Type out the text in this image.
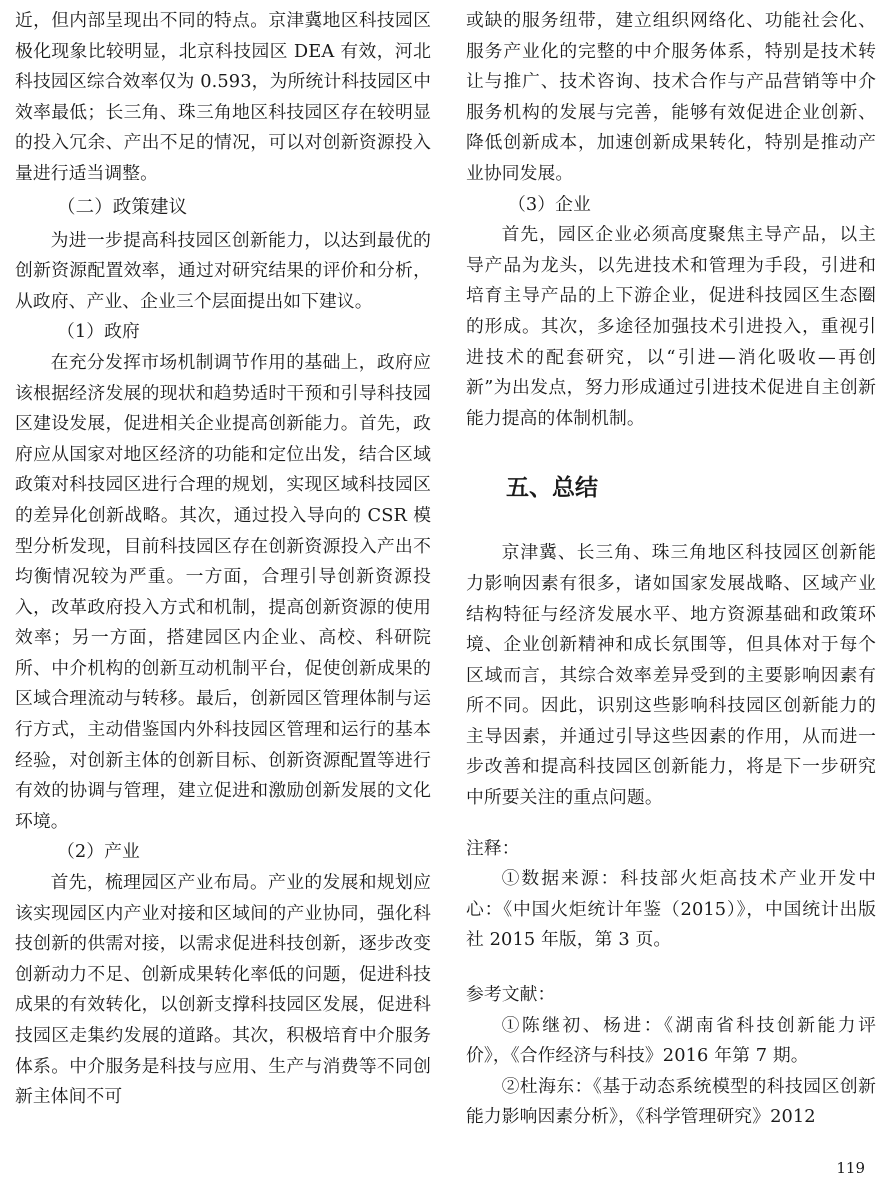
近，但内部呈现出不同的特点。京津冀地区科技园区极化现象比较明显，北京科技园区 DEA 有效，河北科技园区综合效率仅为 0.593，为所统计科技园区中效率最低；长三角、珠三角地区科技园区存在较明显的投入冗余、产出不足的情况，可以对创新资源投入量进行适当调整。

（二）政策建议

为进一步提高科技园区创新能力，以达到最优的创新资源配置效率，通过对研究结果的评价和分析，从政府、产业、企业三个层面提出如下建议。

（1）政府

在充分发挥市场机制调节作用的基础上，政府应该根据经济发展的现状和趋势适时干预和引导科技园区建设发展，促进相关企业提高创新能力。首先，政府应从国家对地区经济的功能和定位出发，结合区域政策对科技园区进行合理的规划，实现区域科技园区的差异化创新战略。其次，通过投入导向的 CSR 模型分析发现，目前科技园区存在创新资源投入产出不均衡情况较为严重。一方面，合理引导创新资源投入，改革政府投入方式和机制，提高创新资源的使用效率；另一方面，搭建园区内企业、高校、科研院所、中介机构的创新互动机制平台，促使创新成果的区域合理流动与转移。最后，创新园区管理体制与运行方式，主动借鉴国内外科技园区管理和运行的基本经验，对创新主体的创新目标、创新资源配置等进行有效的协调与管理，建立促进和激励创新发展的文化环境。

（2）产业

首先，梳理园区产业布局。产业的发展和规划应该实现园区内产业对接和区域间的产业协同，强化科技创新的供需对接，以需求促进科技创新，逐步改变创新动力不足、创新成果转化率低的问题，促进科技成果的有效转化，以创新支撑科技园区发展，促进科技园区走集约发展的道路。其次，积极培育中介服务体系。中介服务是科技与应用、生产与消费等不同创新主体间不可

或缺的服务纽带，建立组织网络化、功能社会化、服务产业化的完整的中介服务体系，特别是技术转让与推广、技术咨询、技术合作与产品营销等中介服务机构的发展与完善，能够有效促进企业创新、降低创新成本，加速创新成果转化，特别是推动产业协同发展。

（3）企业

首先，园区企业必须高度聚焦主导产品，以主导产品为龙头，以先进技术和管理为手段，引进和培育主导产品的上下游企业，促进科技园区生态圈的形成。其次，多途径加强技术引进投入，重视引进技术的配套研究，以“引进—消化吸收—再创新”为出发点，努力形成通过引进技术促进自主创新能力提高的体制机制。

五、总结

京津冀、长三角、珠三角地区科技园区创新能力影响因素有很多，诸如国家发展战略、区域产业结构特征与经济发展水平、地方资源基础和政策环境、企业创新精神和成长氛围等，但具体对于每个区域而言，其综合效率差异受到的主要影响因素有所不同。因此，识别这些影响科技园区创新能力的主导因素，并通过引导这些因素的作用，从而进一步改善和提高科技园区创新能力，将是下一步研究中所要关注的重点问题。

注释：

①数据来源：科技部火炬高技术产业开发中心：《中国火炬统计年鉴（2015）》，中国统计出版社 2015 年版，第 3 页。

参考文献：

①陈继初、杨进：《湖南省科技创新能力评价》，《合作经济与科技》2016 年第 7 期。

②杜海东：《基于动态系统模型的科技园区创新能力影响因素分析》，《科学管理研究》2012

119
